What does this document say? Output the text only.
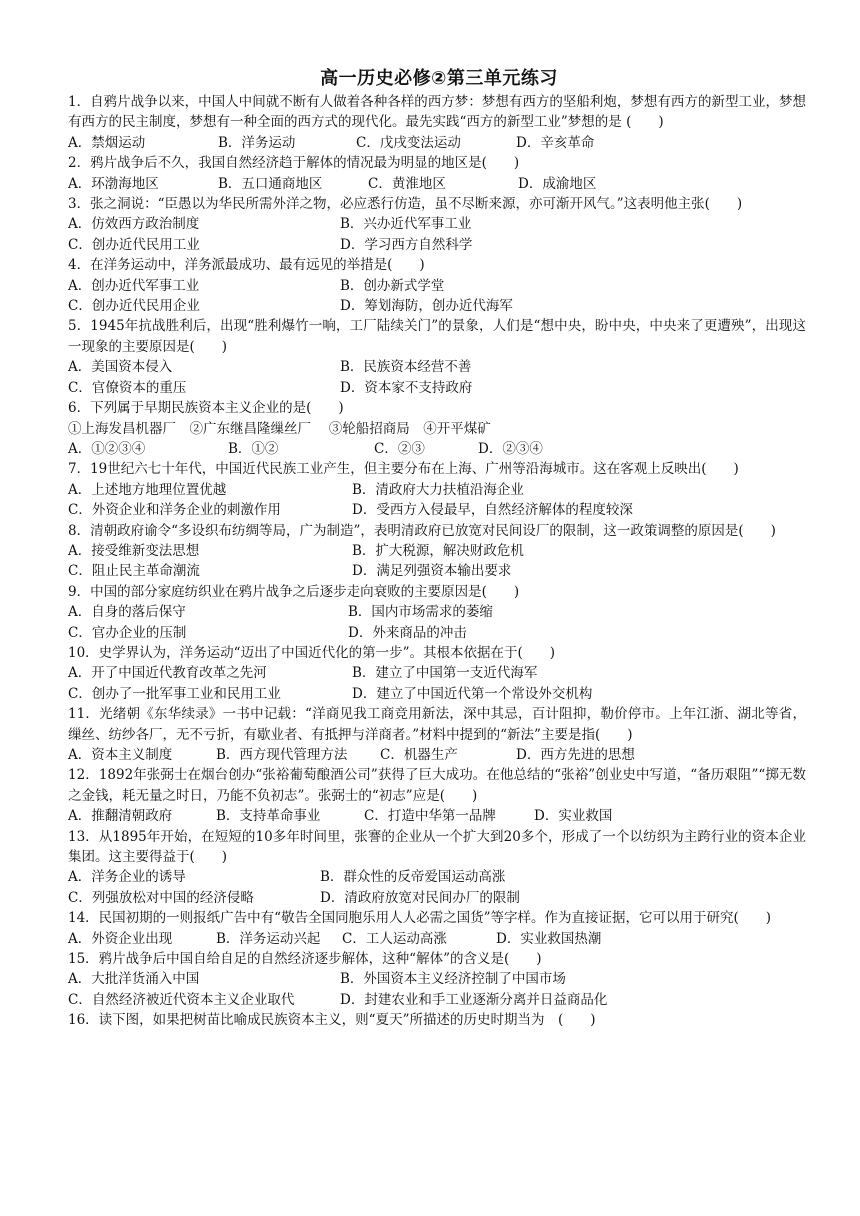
高一历史必修②第三单元练习
1．自鸦片战争以来，中国人中间就不断有人做着各种各样的西方梦：梦想有西方的坚船利炮，梦想有西方的新型工业，梦想有西方的民主制度，梦想有一种全面的西方式的现代化。最先实践“西方的新型工业”梦想的是 (　　)
A．禁烟运动	B．洋务运动	C．戊戌变法运动	D．辛亥革命
2．鸦片战争后不久，我国自然经济趋于解体的情况最为明显的地区是(　　)
A．环渤海地区	B．五口通商地区	C．黄淮地区	D．成渝地区
3．张之洞说：“臣愚以为华民所需外洋之物，必应悉行仿造，虽不尽断来源，亦可渐开风气。”这表明他主张(　　)
A．仿效西方政治制度	B．兴办近代军事工业
C．创办近代民用工业	D．学习西方自然科学
4．在洋务运动中，洋务派最成功、最有远见的举措是(　　)
A．创办近代军事工业	B．创办新式学堂
C．创办近代民用企业	D．筹划海防，创办近代海军
5．1945年抗战胜利后，出现“胜利爆竹一响，工厂陆续关门”的景象，人们是“想中央，盼中央，中央来了更遭殃”，出现这一现象的主要原因是(　　)
A．美国资本侵入	B．民族资本经营不善
C．官僚资本的重压	D．资本家不支持政府
6．下列属于早期民族资本主义企业的是(　　)
①上海发昌机器厂　②广东继昌隆缫丝厂　 ③轮船招商局　④开平煤矿
A．①②③④	B．①②	C．②③	D．②③④
7．19世纪六七十年代，中国近代民族工业产生，但主要分布在上海、广州等沿海城市。这在客观上反映出(　　)
A．上述地方地理位置优越	B．清政府大力扶植沿海企业
C．外资企业和洋务企业的刺激作用	D．受西方入侵最早，自然经济解体的程度较深
8．清朝政府谕令“多设织布纺绸等局，广为制造”，表明清政府已放宽对民间设厂的限制，这一政策调整的原因是(　　)
A．接受维新变法思想	B．扩大税源，解决财政危机
C．阻止民主革命潮流	D．满足列强资本输出要求
9．中国的部分家庭纺织业在鸦片战争之后逐步走向衰败的主要原因是(　　)
A．自身的落后保守	B．国内市场需求的萎缩
C．官办企业的压制	D．外来商品的冲击
10．史学界认为，洋务运动“迈出了中国近代化的第一步”。其根本依据在于(　　)
A．开了中国近代教育改革之先河	B．建立了中国第一支近代海军
C．创办了一批军事工业和民用工业	D．建立了中国近代第一个常设外交机构
11．光绪朝《东华续录》一书中记载：“洋商见我工商竞用新法，深中其忌，百计阻抑，勒价停市。上年江浙、湖北等省，缫丝、纺纱各厂，无不亏折，有歇业者、有抵押与洋商者。”材料中提到的“新法”主要是指(　　)
A．资本主义制度	B．西方现代管理方法	C．机器生产	D．西方先进的思想
12．1892年张弼士在烟台创办“张裕葡萄酿酒公司”获得了巨大成功。在他总结的“张裕”创业史中写道，“备历艰阻”“掷无数之金钱，耗无量之时日，乃能不负初志”。张弼士的“初志”应是(　　)
A．推翻清朝政府	B．支持革命事业	C．打造中华第一品牌	D．实业救国
13．从1895年开始，在短短的10多年时间里，张謇的企业从一个扩大到20多个，形成了一个以纺织为主跨行业的资本企业集团。这主要得益于(　　)
A．洋务企业的诱导	B．群众性的反帝爱国运动高涨
C．列强放松对中国的经济侵略	D．清政府放宽对民间办厂的限制
14．民国初期的一则报纸广告中有“敬告全国同胞乐用人人必需之国货”等字样。作为直接证据，它可以用于研究(　　)
A．外资企业出现	B．洋务运动兴起	C．工人运动高涨	D．实业救国热潮
15．鸦片战争后中国自给自足的自然经济逐步解体，这种“解体”的含义是(　　)
A．大批洋货涌入中国	B．外国资本主义经济控制了中国市场
C．自然经济被近代资本主义企业取代	D．封建农业和手工业逐渐分离并日益商品化
16．读下图，如果把树苗比喻成民族资本主义，则“夏天”所描述的历史时期当为　(　　)
